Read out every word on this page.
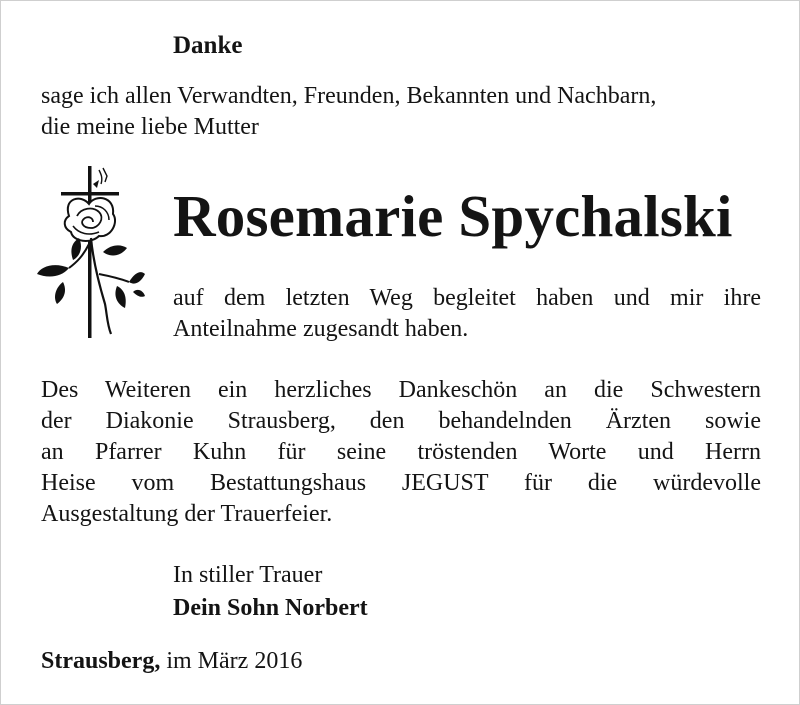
Danke

sage ich allen Verwandten, Freunden, Bekannten und Nachbarn,
die meine liebe Mutter

Rosemarie Spychalski

auf dem letzten Weg begleitet haben und mir ihre
Anteilnahme zugesandt haben.

Des Weiteren ein herzliches Dankeschön an die Schwestern
der Diakonie Strausberg, den behandelnden Ärzten sowie
an Pfarrer Kuhn für seine tröstenden Worte und Herrn
Heise vom Bestattungshaus JEGUST für die würdevolle
Ausgestaltung der Trauerfeier.

In stiller Trauer
Dein Sohn Norbert

Strausberg, im März 2016
